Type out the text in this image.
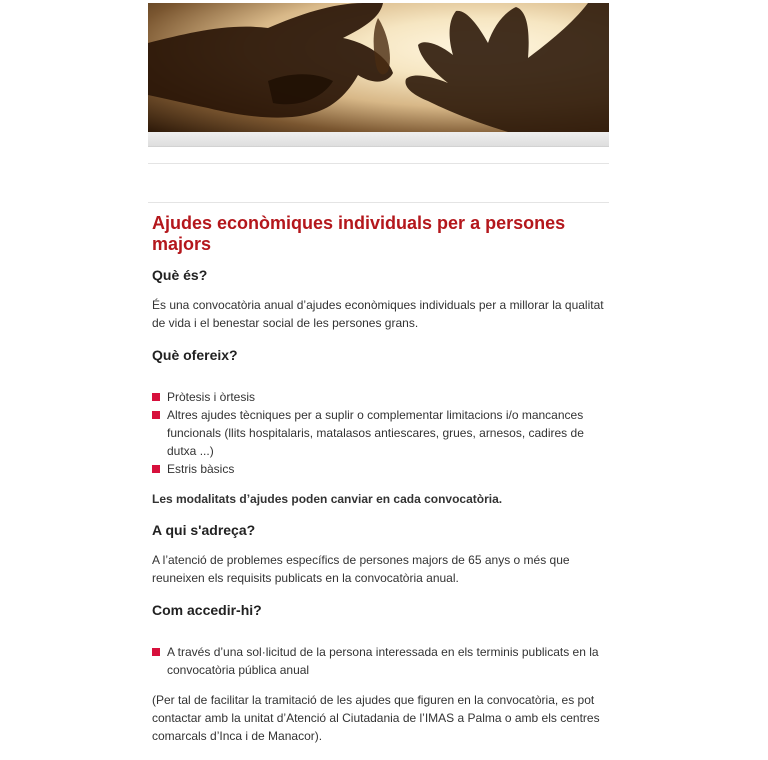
Ajudes econòmiques individuals per a persones majors
Què és?

És una convocatòria anual d’ajudes econòmiques individuals per a millorar la qualitat de vida i el benestar social de les persones grans.

Què ofereix?
Pròtesis i òrtesis
Altres ajudes tècniques per a suplir o complementar limitacions i/o mancances funcionals (llits hospitalaris, matalasos antiescares, grues, arnesos, cadires de dutxa ...)
Estris bàsics

Les modalitats d’ajudes poden canviar en cada convocatòria.

A qui s'adreça?

A l’atenció de problemes específics de persones majors de 65 anys o més que reuneixen els requisits publicats en la convocatòria anual.

Com accedir-hi?
A través d’una sol·licitud de la persona interessada en els terminis publicats en la convocatòria pública anual

(Per tal de facilitar la tramitació de les ajudes que figuren en la convocatòria, es pot contactar amb la unitat d’Atenció al Ciutadania de l’IMAS a Palma o amb els centres comarcals d’Inca i de Manacor).
